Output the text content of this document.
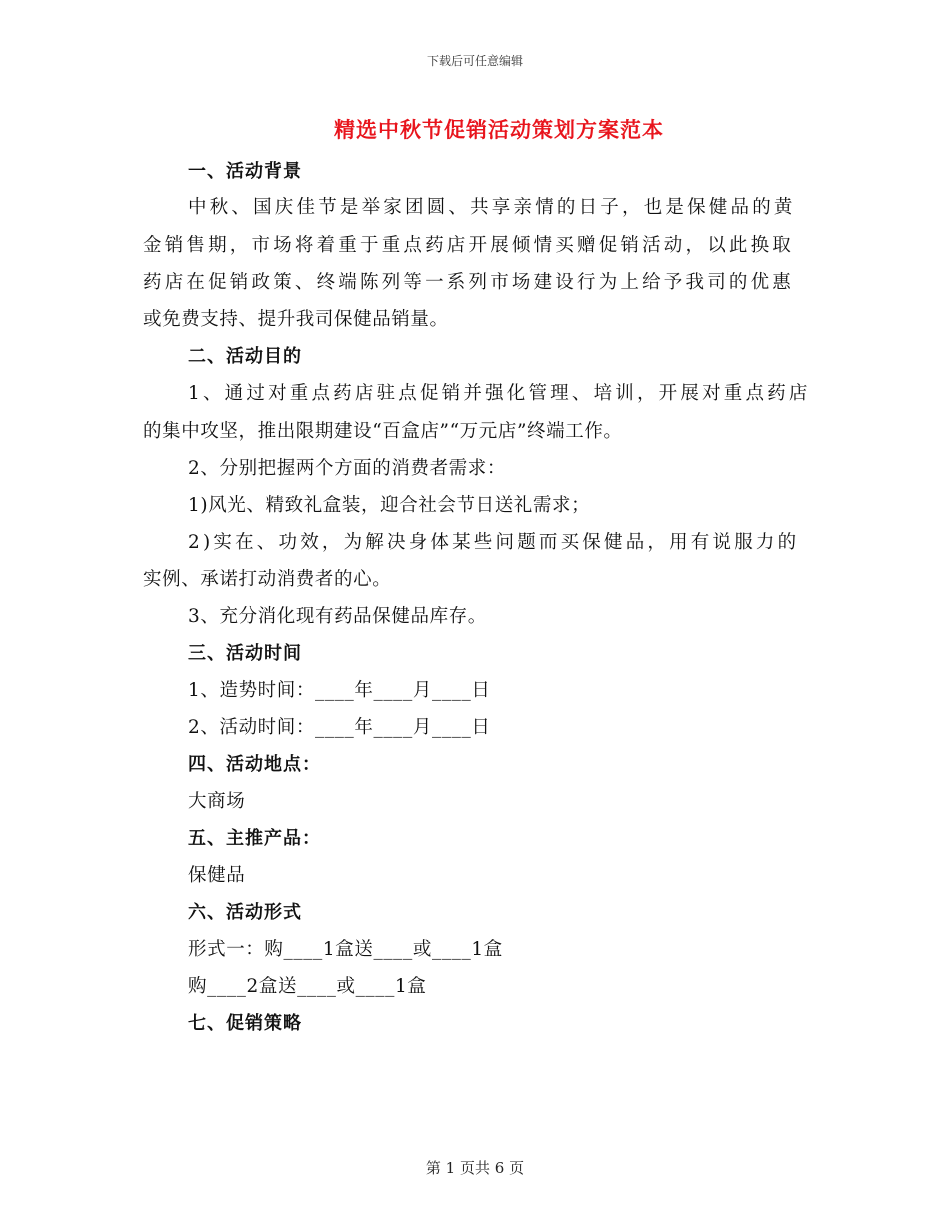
下载后可任意编辑
精选中秋节促销活动策划方案范本
一、活动背景
中秋、国庆佳节是举家团圆、共享亲情的日子，也是保健品的黄
金销售期，市场将着重于重点药店开展倾情买赠促销活动，以此换取
药店在促销政策、终端陈列等一系列市场建设行为上给予我司的优惠
或免费支持、提升我司保健品销量。
二、活动目的
1、通过对重点药店驻点促销并强化管理、培训，开展对重点药店
的集中攻坚，推出限期建设“百盒店”“万元店”终端工作。
2、分别把握两个方面的消费者需求：
1)风光、精致礼盒装，迎合社会节日送礼需求；
2)实在、功效，为解决身体某些问题而买保健品，用有说服力的
实例、承诺打动消费者的心。
3、充分消化现有药品保健品库存。
三、活动时间
1、造势时间：____年____月____日
2、活动时间：____年____月____日
四、活动地点：
大商场
五、主推产品：
保健品
六、活动形式
形式一：购____1盒送____或____1盒
购____2盒送____或____1盒
七、促销策略
第 1 页共 6 页
